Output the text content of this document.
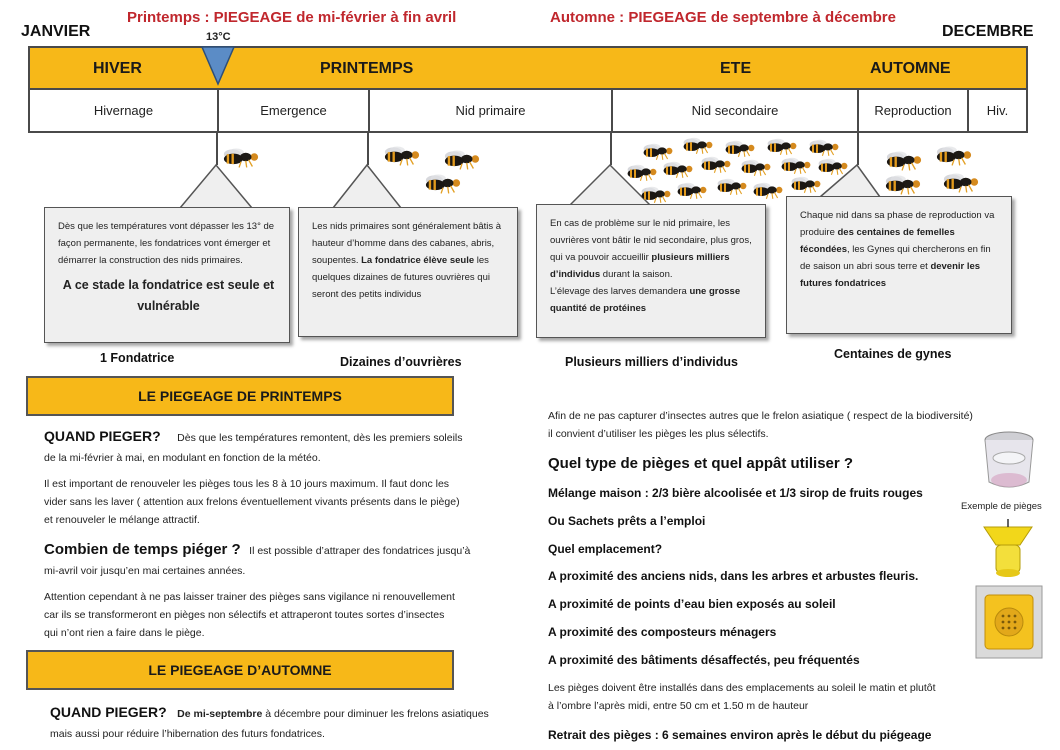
Printemps : PIEGEAGE de mi-février à fin avril	Automne : PIEGEAGE de septembre à décembre
JANVIER	DECEMBRE
13°C
HIVER	PRINTEMPS	ETE	AUTOMNE
Hivernage	Emergence	Nid primaire	Nid secondaire	Reproduction	Hiv.
Dès que les températures vont dépasser les 13° de façon permanente, les fondatrices vont émerger et démarrer la construction des nids primaires.
A ce stade la fondatrice est seule et vulnérable
Les nids primaires sont généralement bâtis à hauteur d’homme dans des cabanes, abris, soupentes. La fondatrice élève seule les quelques dizaines de futures ouvrières qui seront des petits individus
En cas de problème sur le nid primaire, les ouvrières vont bâtir le nid secondaire, plus gros, qui va pouvoir accueillir plusieurs milliers d’individus durant la saison.
L’élevage des larves demandera une grosse quantité de protéines
Chaque nid dans sa phase de reproduction va produire des centaines de femelles fécondées, les Gynes qui chercherons en fin de saison un abri sous terre et devenir les futures fondatrices
1 Fondatrice	Dizaines d’ouvrières	Plusieurs milliers d’individus
Centaines de gynes
LE PIEGEAGE DE PRINTEMPS
QUAND PIEGER? Dès que les températures remontent, dès les premiers soleils
de la mi-février à mai, en modulant en fonction de la météo.
Il est important de renouveler les pièges tous les 8 à 10 jours maximum. Il faut donc les
vider sans les laver ( attention aux frelons éventuellement vivants présents dans le piège)
et renouveler le mélange attractif.
Combien de temps piéger ? Il est possible d’attraper des fondatrices jusqu’à
mi-avril voir jusqu’en mai certaines années.
Attention cependant à ne pas laisser trainer des pièges sans vigilance ni renouvellement
car ils se transformeront en pièges non sélectifs et attraperont toutes sortes d’insectes
qui n’ont rien a faire dans le piège.
LE PIEGEAGE D’AUTOMNE
QUAND PIEGER? De mi-septembre à décembre pour diminuer les frelons asiatiques
mais aussi pour réduire l’hibernation des futurs fondatrices.
Afin de ne pas capturer d’insectes autres que le frelon asiatique ( respect de la biodiversité)
il convient d’utiliser les pièges les plus sélectifs.
Quel type de pièges et quel appât utiliser ?
Mélange maison : 2/3 bière alcoolisée et 1/3 sirop de fruits rouges
Ou Sachets prêts a l’emploi
Quel emplacement?
A proximité des anciens nids, dans les arbres et arbustes fleuris.
A proximité de points d’eau bien exposés au soleil
A proximité des composteurs ménagers
A proximité des bâtiments désaffectés, peu fréquentés
Les pièges doivent être installés dans des emplacements au soleil le matin et plutôt
à l’ombre l’après midi, entre 50 cm et 1.50 m de hauteur
Retrait des pièges : 6 semaines environ après le début du piégeage
Exemple de pièges
